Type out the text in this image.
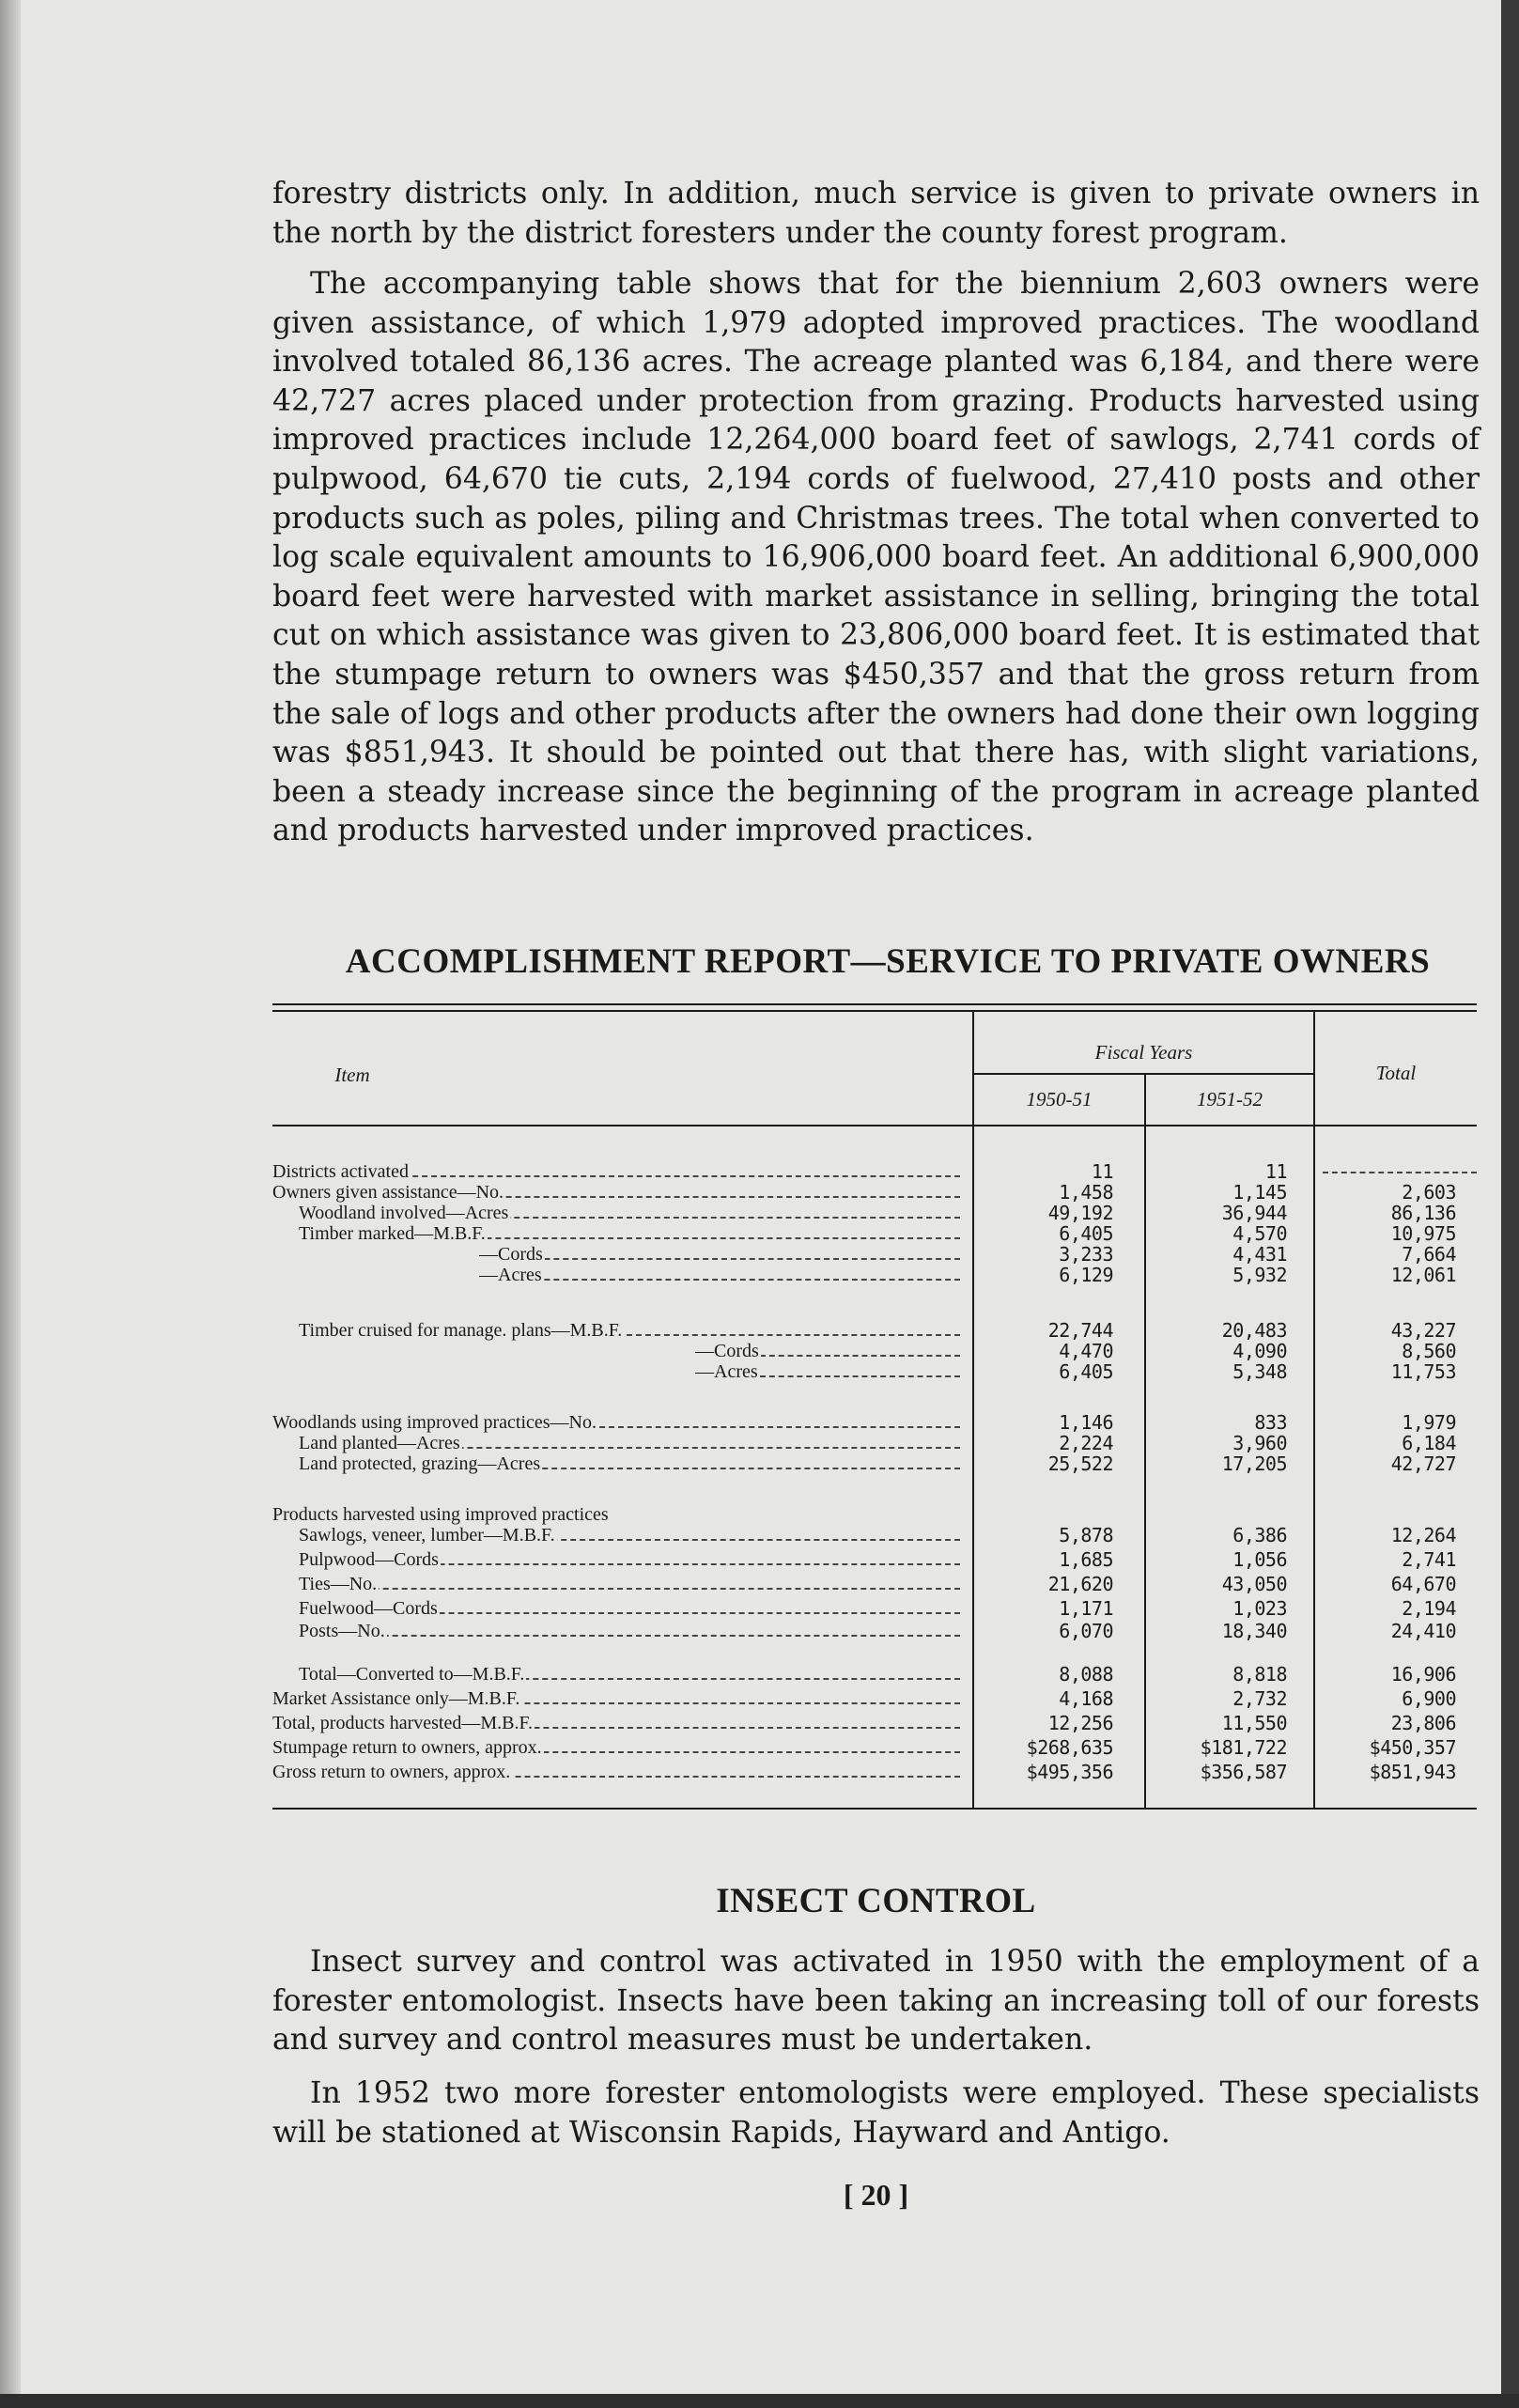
forestry districts only. In addition, much service is given to private owners in the north by the district foresters under the county forest program.

The accompanying table shows that for the biennium 2,603 owners were given assistance, of which 1,979 adopted improved practices. The woodland involved totaled 86,136 acres. The acreage planted was 6,184, and there were 42,727 acres placed under protection from grazing. Products harvested using improved practices include 12,264,000 board feet of sawlogs, 2,741 cords of pulpwood, 64,670 tie cuts, 2,194 cords of fuelwood, 27,410 posts and other products such as poles, piling and Christmas trees. The total when converted to log scale equivalent amounts to 16,906,000 board feet. An additional 6,900,000 board feet were harvested with market assistance in selling, bringing the total cut on which assistance was given to 23,806,000 board feet. It is estimated that the stumpage return to owners was $450,357 and that the gross return from the sale of logs and other products after the owners had done their own logging was $851,943. It should be pointed out that there has, with slight variations, been a steady increase since the beginning of the program in acreage planted and products harvested under improved practices.

ACCOMPLISHMENT REPORT—SERVICE TO PRIVATE OWNERS
Item
Fiscal Years
1950-51	1951-52
Total
Districts activated	11	11
Owners given assistance—No.	1,458	1,145	2,603
Woodland involved—Acres	49,192	36,944	86,136
Timber marked—M.B.F.	6,405	4,570	10,975
—Cords	3,233	4,431	7,664
—Acres	6,129	5,932	12,061
Timber cruised for manage. plans—M.B.F.	22,744	20,483	43,227
—Cords	4,470	4,090	8,560
—Acres	6,405	5,348	11,753
Woodlands using improved practices—No.	1,146	833	1,979
Land planted—Acres	2,224	3,960	6,184
Land protected, grazing—Acres	25,522	17,205	42,727
Products harvested using improved practices
Sawlogs, veneer, lumber—M.B.F.	5,878	6,386	12,264
Pulpwood—Cords	1,685	1,056	2,741
Ties—No.	21,620	43,050	64,670
Fuelwood—Cords	1,171	1,023	2,194
Posts—No.	6,070	18,340	24,410
Total—Converted to—M.B.F.	8,088	8,818	16,906
Market Assistance only—M.B.F.	4,168	2,732	6,900
Total, products harvested—M.B.F.	12,256	11,550	23,806
Stumpage return to owners, approx.	$268,635	$181,722	$450,357
Gross return to owners, approx.	$495,356	$356,587	$851,943
INSECT CONTROL

Insect survey and control was activated in 1950 with the employment of a forester entomologist. Insects have been taking an increasing toll of our forests and survey and control measures must be undertaken.

In 1952 two more forester entomologists were employed. These specialists will be stationed at Wisconsin Rapids, Hayward and Antigo.

[ 20 ]
